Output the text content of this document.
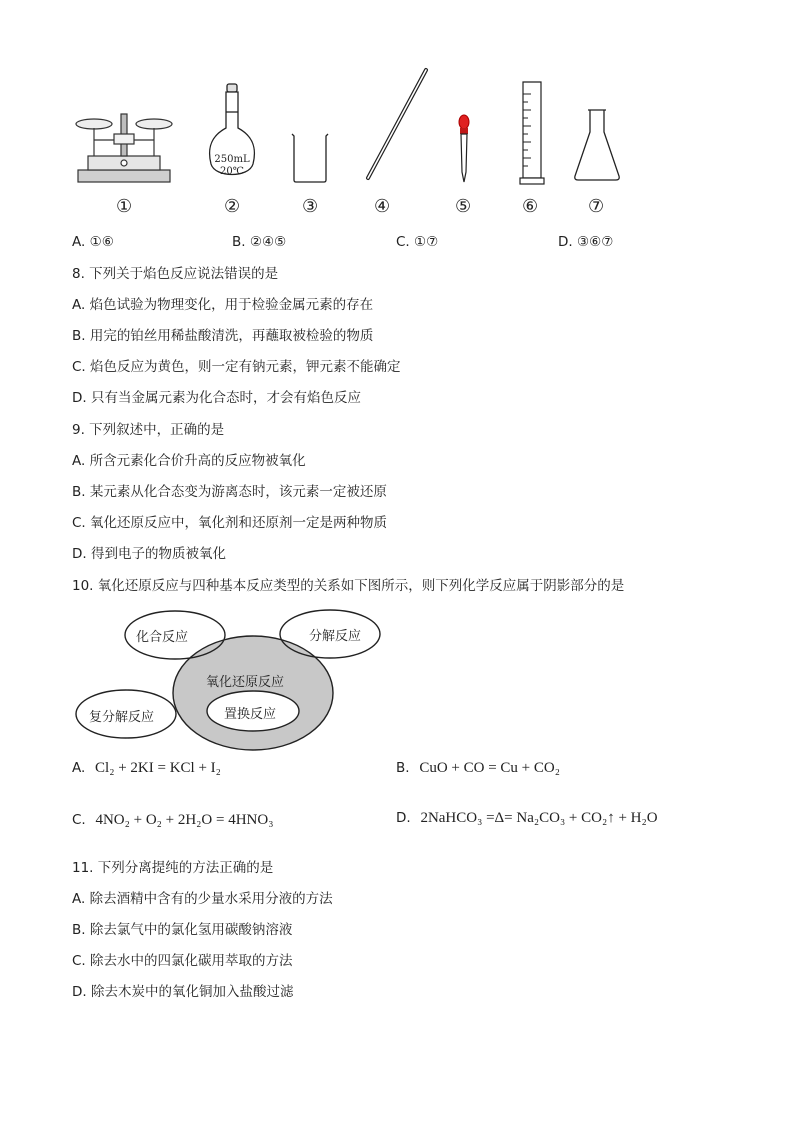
250mL
20℃
①	②	③	④	⑤	⑥	⑦
A. ①⑥	B. ②④⑤	C. ①⑦	D. ③⑥⑦
8. 下列关于焰色反应说法错误的是
A. 焰色试验为物理变化，用于检验金属元素的存在
B. 用完的铂丝用稀盐酸清洗，再蘸取被检验的物质
C. 焰色反应为黄色，则一定有钠元素，钾元素不能确定
D. 只有当金属元素为化合态时，才会有焰色反应
9. 下列叙述中，正确的是
A. 所含元素化合价升高的反应物被氧化
B. 某元素从化合态变为游离态时，该元素一定被还原
C. 氧化还原反应中，氧化剂和还原剂一定是两种物质
D. 得到电子的物质被氧化
10. 氧化还原反应与四种基本反应类型的关系如下图所示，则下列化学反应属于阴影部分的是
化合反应	分解反应
氧化还原反应
复分解反应	置换反应
A. Cl₂ + 2KI = KCl + I₂	B. CuO + CO = Cu + CO₂
C. 4NO₂ + O₂ + 2H₂O = 4HNO₃	D. 2NaHCO₃ =Δ= Na₂CO₃ + CO₂↑ + H₂O
11. 下列分离提纯的方法正确的是
A. 除去酒精中含有的少量水采用分液的方法
B. 除去氯气中的氯化氢用碳酸钠溶液
C. 除去水中的四氯化碳用萃取的方法
D. 除去木炭中的氧化铜加入盐酸过滤
